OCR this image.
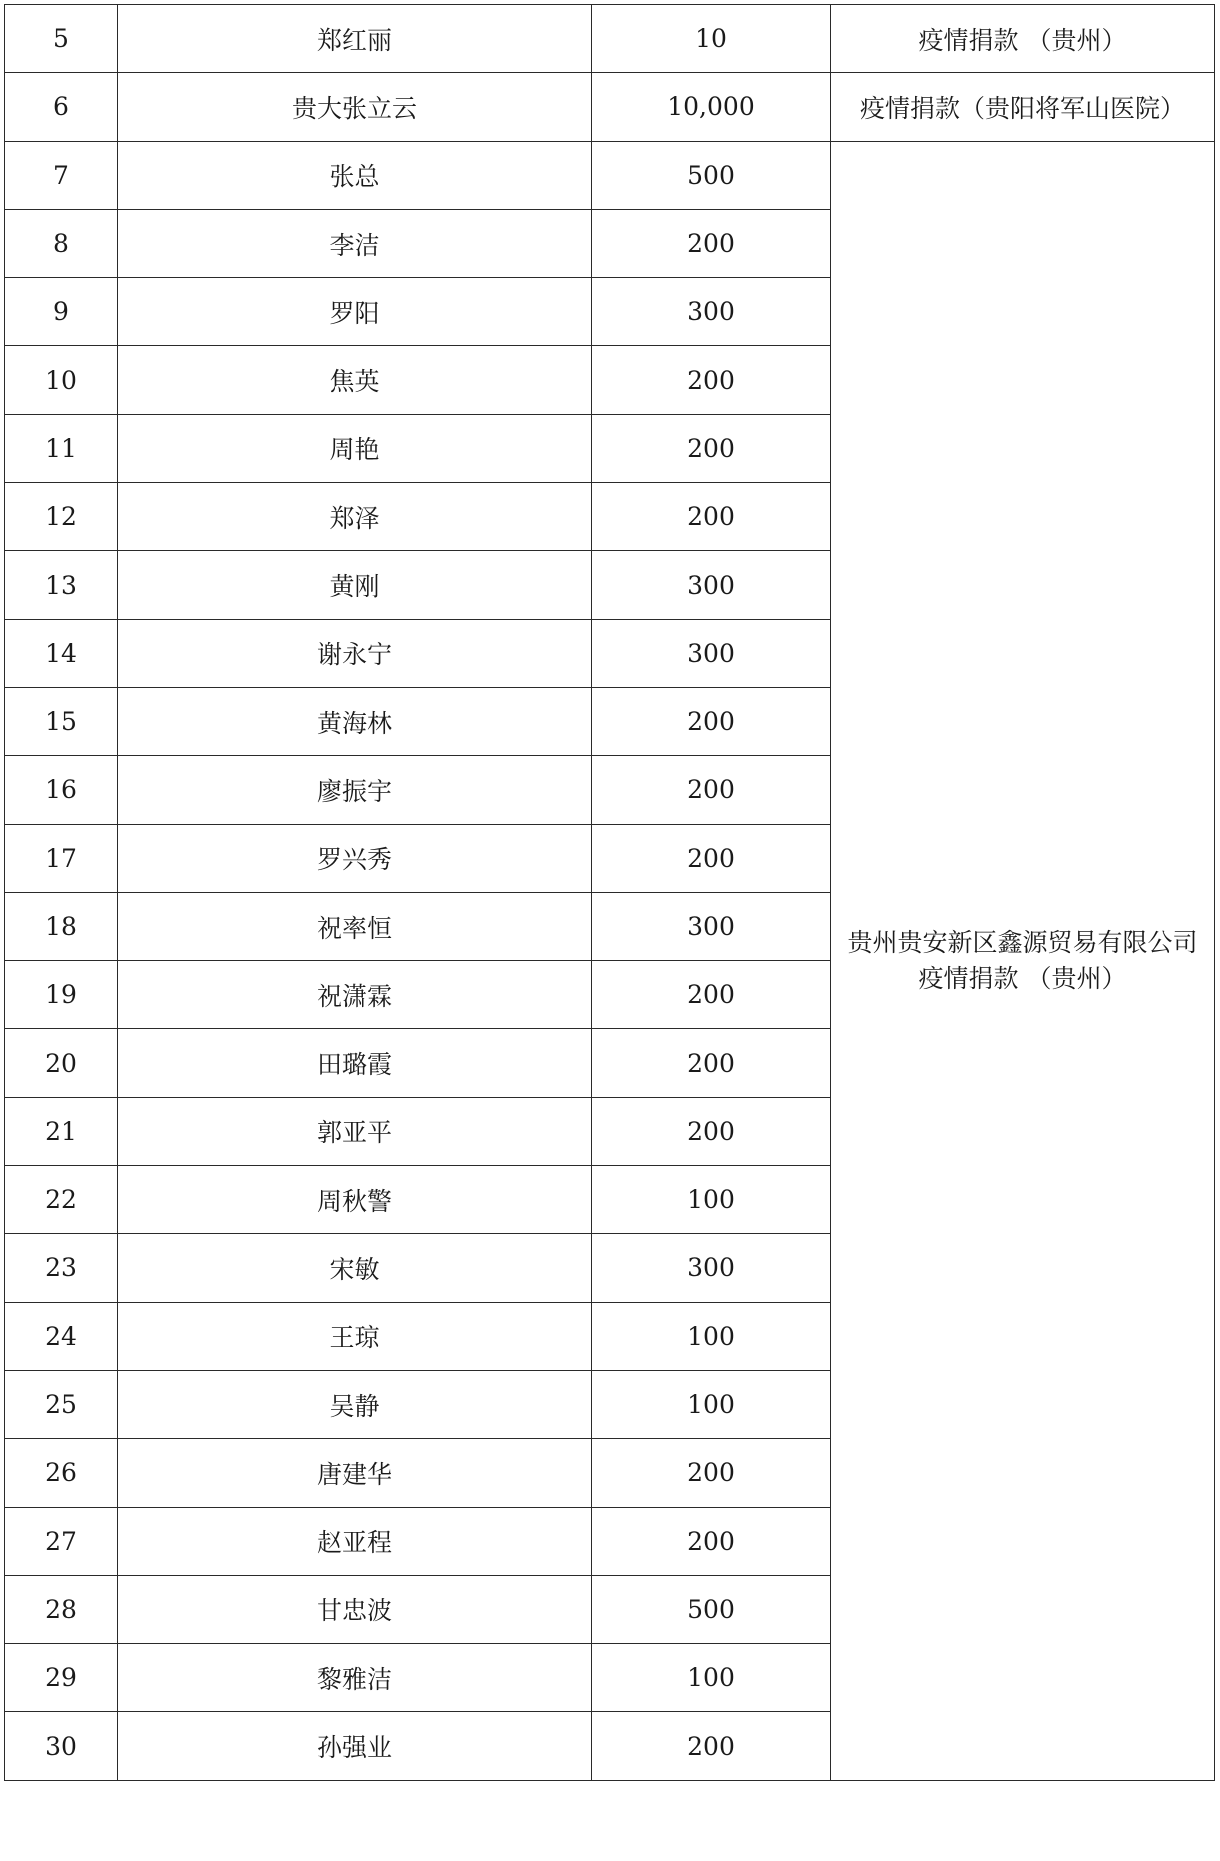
5	郑红丽	10	疫情捐款 （贵州）
6	贵大张立云	10,000	疫情捐款（贵阳将军山医院）
7	张总	500	贵州贵安新区鑫源贸易有限公司
疫情捐款 （贵州）

8	李洁	200	
9	罗阳	300	
10	焦英	200	
11	周艳	200	
12	郑泽	200	
13	黄刚	300	
14	谢永宁	300	
15	黄海林	200	
16	廖振宇	200	
17	罗兴秀	200	
18	祝率恒	300	
19	祝潇霖	200	
20	田璐霞	200	
21	郭亚平	200	
22	周秋警	100	
23	宋敏	300	
24	王琼	100	
25	吴静	100	
26	唐建华	200	
27	赵亚程	200	
28	甘忠波	500	
29	黎雅洁	100	
30	孙强业	200	
